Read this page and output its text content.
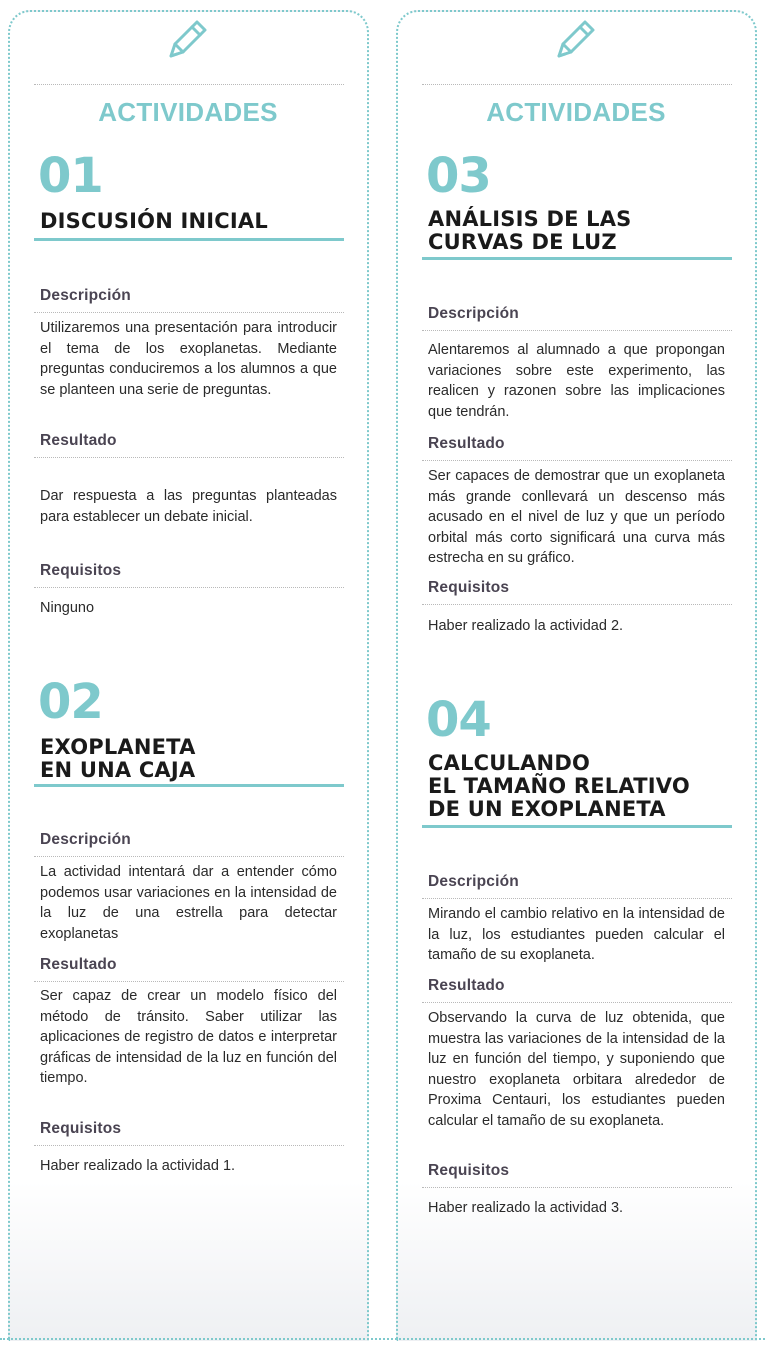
ACTIVIDADES
01
DISCUSIÓN INICIAL
Descripción
Utilizaremos una presentación para introducir el tema de los exoplanetas. Mediante preguntas conduciremos a los alumnos a que se planteen una serie de preguntas.
Resultado
Dar respuesta a las preguntas planteadas para establecer un debate inicial.
Requisitos
Ninguno
02
EXOPLANETA
EN UNA CAJA
Descripción
La actividad intentará dar a entender cómo podemos usar variaciones en la intensidad de la luz de una estrella para detectar exoplanetas
Resultado
Ser capaz de crear un modelo físico del método de tránsito. Saber utilizar las aplicaciones de registro de datos e interpretar gráficas de intensidad de la luz en función del tiempo.
Requisitos
Haber realizado la actividad 1.
ACTIVIDADES
03
ANÁLISIS DE LAS
CURVAS DE LUZ
Descripción
Alentaremos al alumnado a que propongan variaciones sobre este experimento, las realicen y razonen sobre las implicaciones que tendrán.
Resultado
Ser capaces de demostrar que un exoplaneta más grande conllevará un descenso más acusado en el nivel de luz y que un período orbital más corto significará una curva más estrecha en su gráfico.
Requisitos
Haber realizado la actividad 2.
04
CALCULANDO
EL TAMAÑO RELATIVO
DE UN EXOPLANETA
Descripción
Mirando el cambio relativo en la intensidad de la luz, los estudiantes pueden calcular el tamaño de su exoplaneta.
Resultado
Observando la curva de luz obtenida, que muestra las variaciones de la intensidad de la luz en función del tiempo, y suponiendo que nuestro exoplaneta orbitara alrededor de Proxima Centauri, los estudiantes pueden calcular el tamaño de su exoplaneta.
Requisitos
Haber realizado la actividad 3.
